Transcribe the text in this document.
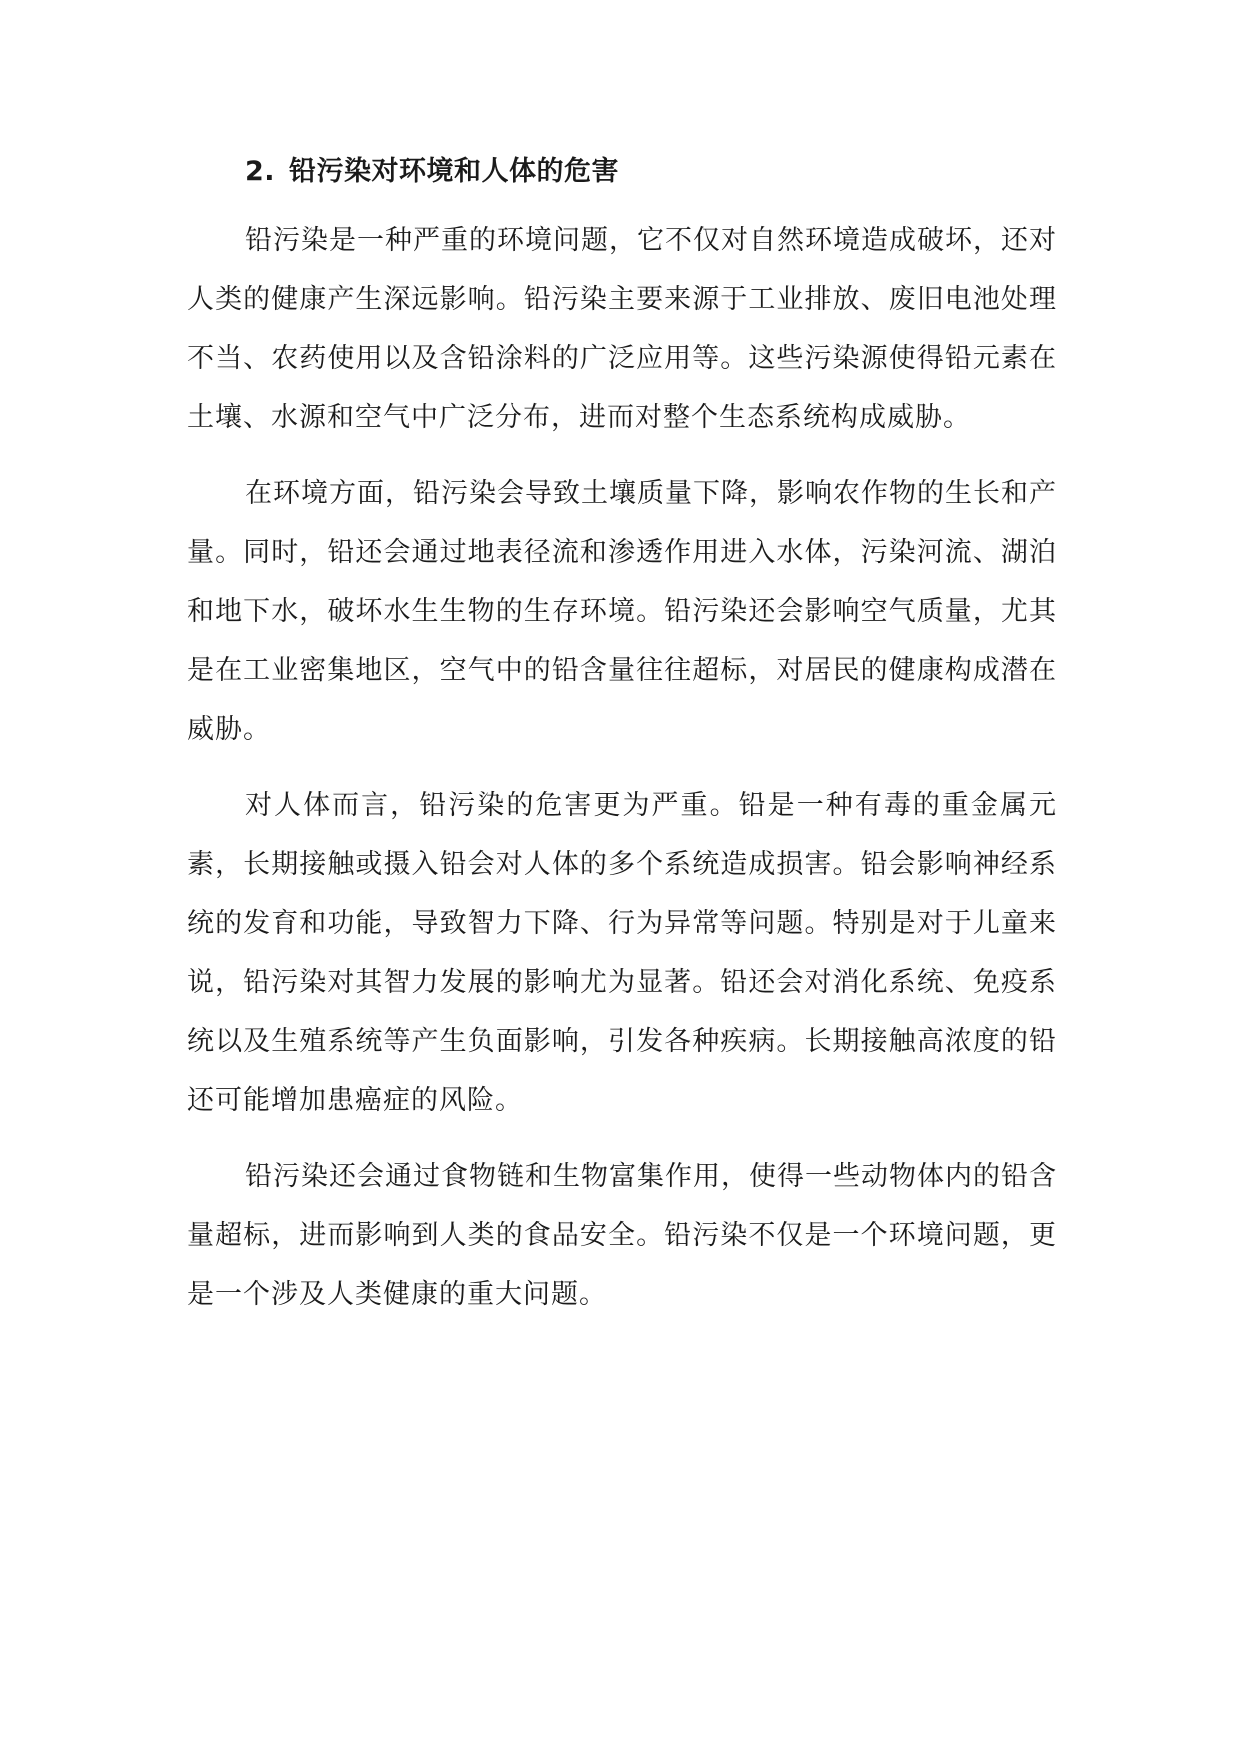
2. 铅污染对环境和人体的危害

铅污染是一种严重的环境问题，它不仅对自然环境造成破坏，还对人类的健康产生深远影响。铅污染主要来源于工业排放、废旧电池处理不当、农药使用以及含铅涂料的广泛应用等。这些污染源使得铅元素在土壤、水源和空气中广泛分布，进而对整个生态系统构成威胁。

在环境方面，铅污染会导致土壤质量下降，影响农作物的生长和产量。同时，铅还会通过地表径流和渗透作用进入水体，污染河流、湖泊和地下水，破坏水生生物的生存环境。铅污染还会影响空气质量，尤其是在工业密集地区，空气中的铅含量往往超标，对居民的健康构成潜在威胁。

对人体而言，铅污染的危害更为严重。铅是一种有毒的重金属元素，长期接触或摄入铅会对人体的多个系统造成损害。铅会影响神经系统的发育和功能，导致智力下降、行为异常等问题。特别是对于儿童来说，铅污染对其智力发展的影响尤为显著。铅还会对消化系统、免疫系统以及生殖系统等产生负面影响，引发各种疾病。长期接触高浓度的铅还可能增加患癌症的风险。

铅污染还会通过食物链和生物富集作用，使得一些动物体内的铅含量超标，进而影响到人类的食品安全。铅污染不仅是一个环境问题，更是一个涉及人类健康的重大问题。
